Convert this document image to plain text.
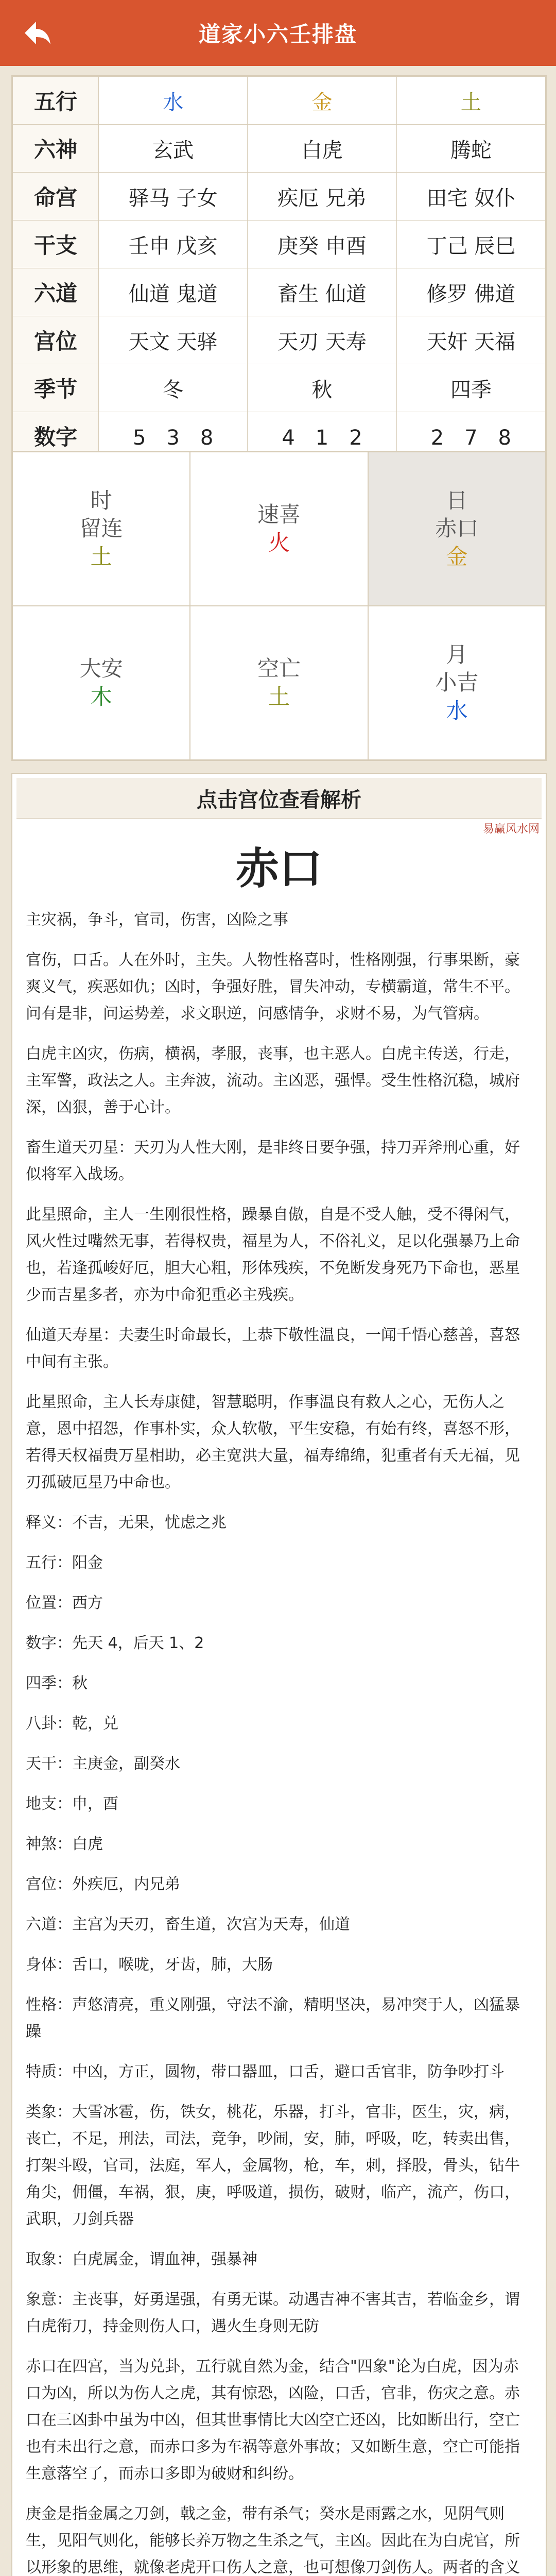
道家小六壬排盘
五行	水	金	土
六神	玄武	白虎	腾蛇
命宫	驿马 子女	疾厄 兄弟	田宅 奴仆
干支	壬申 戊亥	庚癸 申酉	丁己 辰巳
六道	仙道 鬼道	畜生 仙道	修罗 佛道
宫位	天文 天驿	天刃 天寿	天奸 天福
季节	冬	秋	四季
数字	5　3　8	4　1　2	2　7　8
时
留连
土
速喜
火
日
赤口
金
大安
木
空亡
土
月
小吉
水
点击宫位查看解析
易赢风水网
赤口

主灾祸，争斗，官司，伤害，凶险之事

官伤，口舌。人在外时，主失。人物性格喜时，性格刚强，行事果断，豪爽义气，疾恶如仇；凶时，争强好胜，冒失冲动，专横霸道，常生不平。问有是非，问运势差，求文职逆，问感情争，求财不易，为气管病。

白虎主凶灾，伤病，横祸，孝服，丧事，也主恶人。白虎主传送，行走，主军警，政法之人。主奔波，流动。主凶恶，强悍。受生性格沉稳，城府深，凶狠，善于心计。

畜生道天刃星：天刃为人性大刚，是非终日要争强，持刀弄斧刑心重，好似将军入战场。

此星照命，主人一生刚很性格，躁暴自傲，自是不受人触，受不得闲气，风火性过嘴然无事，若得权贵，福星为人，不俗礼义，足以化强暴乃上命也，若逢孤峻好厄，胆大心粗，形体残疾，不免断发身死乃下命也，恶星少而吉星多者，亦为中命犯重必主残疾。

仙道天寿星：夫妻生时命最长，上恭下敬性温良，一闻千悟心慈善，喜怒中间有主张。

此星照命，主人长寿康健，智慧聪明，作事温良有救人之心，无伤人之意，恩中招怨，作事朴实，众人软敬，平生安稳，有始有终，喜怒不形，若得天权福贵万星相助，必主宽洪大量，福寿绵绵，犯重者有夭无福，见刃孤破厄星乃中命也。

释义：不吉，无果，忧虑之兆

五行：阳金

位置：西方

数字：先天 4，后天 1、2

四季：秋

八卦：乾，兑

天干：主庚金，副癸水

地支：申，酉

神煞：白虎

宫位：外疾厄，内兄弟

六道：主宫为天刃，畜生道，次宫为天寿，仙道

身体：舌口，喉咙，牙齿，肺，大肠

性格：声悠清亮，重义刚强，守法不渝，精明坚决，易冲突于人，凶猛暴躁

特质：中凶，方正，圆物，带口器皿，口舌，避口舌官非，防争吵打斗

类象：大雪冰雹，伤，铁女，桃花，乐器，打斗，官非，医生，灾，病，丧亡，不足，刑法，司法，竞争，吵闹，安，肺，呼吸，吃，转卖出售，打架斗殴，官司，法庭，军人，金属物，枪，车，刺，择股，骨头，钻牛角尖，佣僵，车祸，狠，庚，呼吸道，损伤，破财，临产，流产，伤口，武职，刀剑兵器

取象：白虎属金，谓血神，强暴神

象意：主丧事，好勇逞强，有勇无谋。动遇吉神不害其吉，若临金乡，谓白虎衔刀，持金则伤人口，遇火生身则无防

赤口在四宫，当为兑卦，五行就自然为金，结合"四象"论为白虎，因为赤口为凶，所以为伤人之虎，其有惊恐，凶险，口舌，官非，伤灾之意。赤口在三凶卦中虽为中凶，但其世事情比大凶空亡还凶，比如断出行，空亡也有未出行之意，而赤口多为车祸等意外事故；又如断生意，空亡可能指生意落空了，而赤口多即为破财和纠纷。

庚金是指金属之刀剑，戟之金，带有杀气；癸水是雨露之水，见阴气则生，见阳气则化，能够长养万物之生杀之气，主凶。因此在为白虎官，所以形象的思维，就像老虎开口伤人之意，也可想像刀剑伤人。两者的含义
